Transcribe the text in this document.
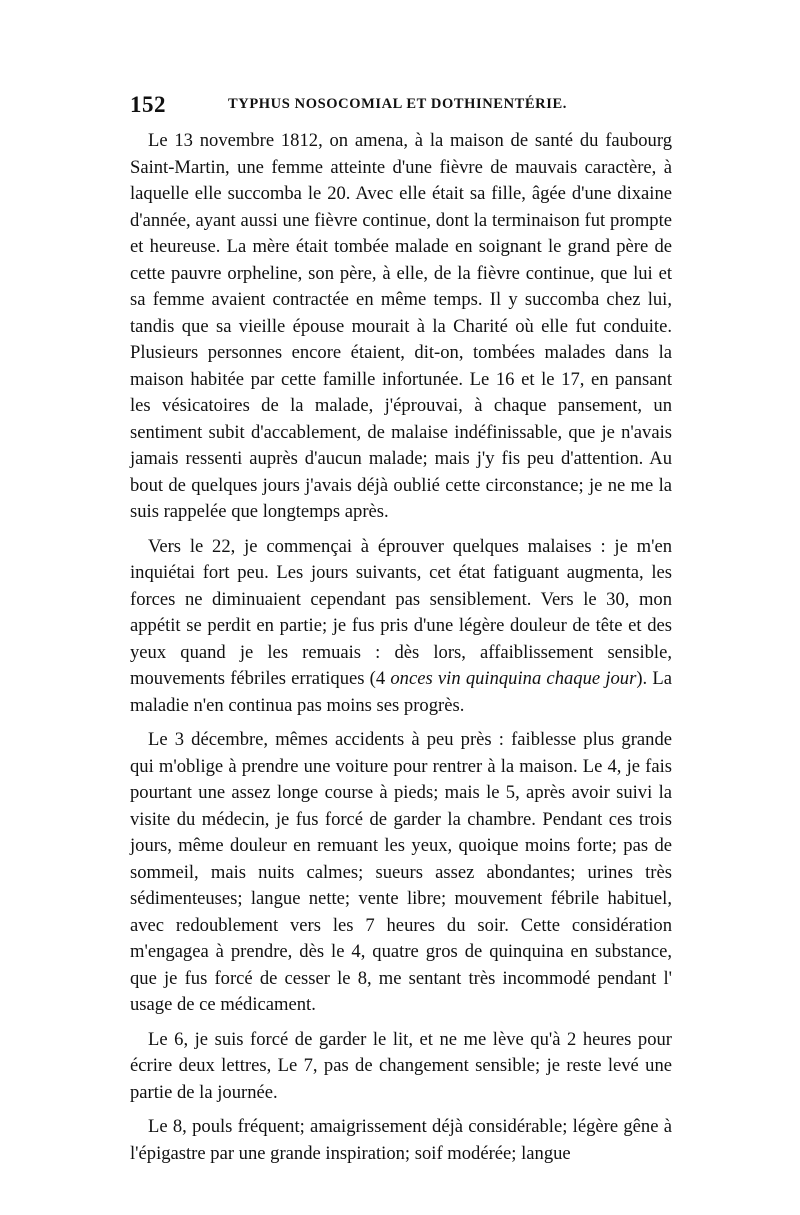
152	TYPHUS NOSOCOMIAL ET DOTHINENTÉRIE.

Le 13 novembre 1812, on amena, à la maison de santé du faubourg Saint-Martin, une femme atteinte d'une fièvre de mauvais caractère, à laquelle elle succomba le 20. Avec elle était sa fille, âgée d'une dixaine d'année, ayant aussi une fièvre continue, dont la terminaison fut prompte et heureuse. La mère était tombée malade en soignant le grand père de cette pauvre orpheline, son père, à elle, de la fièvre continue, que lui et sa femme avaient contractée en même temps. Il y succomba chez lui, tandis que sa vieille épouse mourait à la Charité où elle fut conduite. Plusieurs personnes encore étaient, dit-on, tombées malades dans la maison habitée par cette famille infortunée. Le 16 et le 17, en pansant les vésicatoires de la malade, j'éprouvai, à chaque pansement, un sentiment subit d'accablement, de malaise indéfinissable, que je n'avais jamais ressenti auprès d'aucun malade; mais j'y fis peu d'attention. Au bout de quelques jours j'avais déjà oublié cette circonstance; je ne me la suis rappelée que longtemps après.

Vers le 22, je commençai à éprouver quelques malaises : je m'en inquiétai fort peu. Les jours suivants, cet état fatiguant augmenta, les forces ne diminuaient cependant pas sensiblement. Vers le 30, mon appétit se perdit en partie; je fus pris d'une légère douleur de tête et des yeux quand je les remuais : dès lors, affaiblissement sensible, mouvements fébriles erratiques (4 onces vin quinquina chaque jour). La maladie n'en continua pas moins ses progrès.

Le 3 décembre, mêmes accidents à peu près : faiblesse plus grande qui m'oblige à prendre une voiture pour rentrer à la maison. Le 4, je fais pourtant une assez longe course à pieds; mais le 5, après avoir suivi la visite du médecin, je fus forcé de garder la chambre. Pendant ces trois jours, même douleur en remuant les yeux, quoique moins forte; pas de sommeil, mais nuits calmes; sueurs assez abondantes; urines très sédimenteuses; langue nette; vente libre; mouvement fébrile habituel, avec redoublement vers les 7 heures du soir. Cette considération m'engagea à prendre, dès le 4, quatre gros de quinquina en substance, que je fus forcé de cesser le 8, me sentant très incommodé pendant l' usage de ce médicament.

Le 6, je suis forcé de garder le lit, et ne me lève qu'à 2 heures pour écrire deux lettres, Le 7, pas de changement sensible; je reste levé une partie de la journée.

Le 8, pouls fréquent; amaigrissement déjà considérable; légère gêne à l'épigastre par une grande inspiration; soif modérée; langue
